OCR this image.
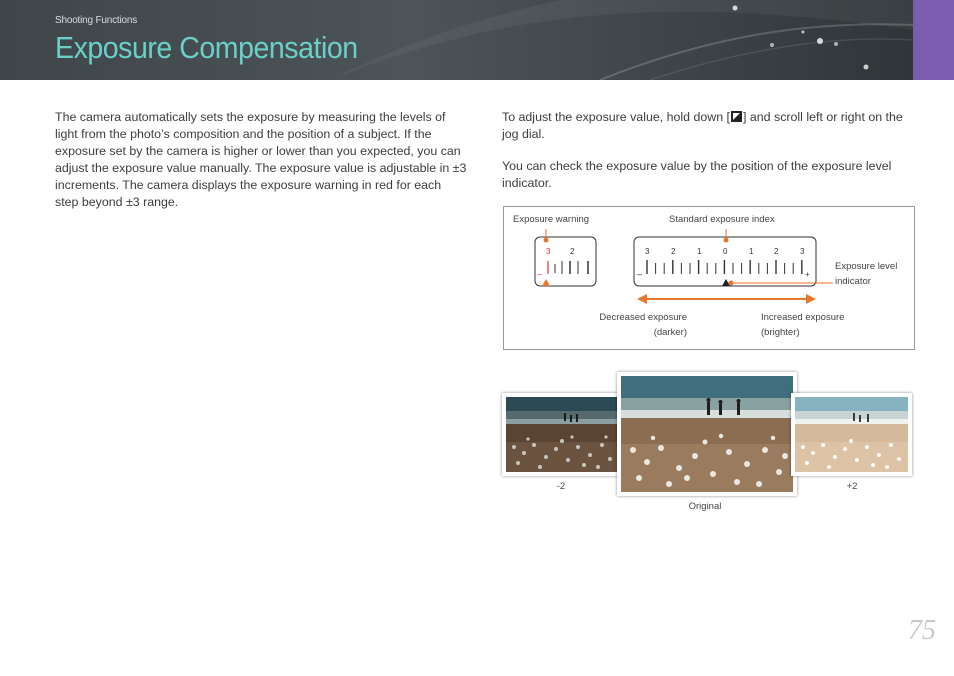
Shooting Functions
Exposure Compensation
The camera automatically sets the exposure by measuring the levels of light from the photo’s composition and the position of a subject. If the exposure set by the camera is higher or lower than you expected, you can adjust the exposure value manually. The exposure value is adjustable in ±3 increments. The camera displays the exposure warning in red for each step beyond ±3 range.
To adjust the exposure value, hold down [ ] and scroll left or right on the jog dial.
You can check the exposure value by the position of the exposure level indicator.
3 2
–
3	2	1	0	1	2	3
–	+
Exposure warning	Standard exposure index
Exposure level indicator
Decreased exposure
(darker)
Increased exposure
(brighter)
-2
Original
+2
75
